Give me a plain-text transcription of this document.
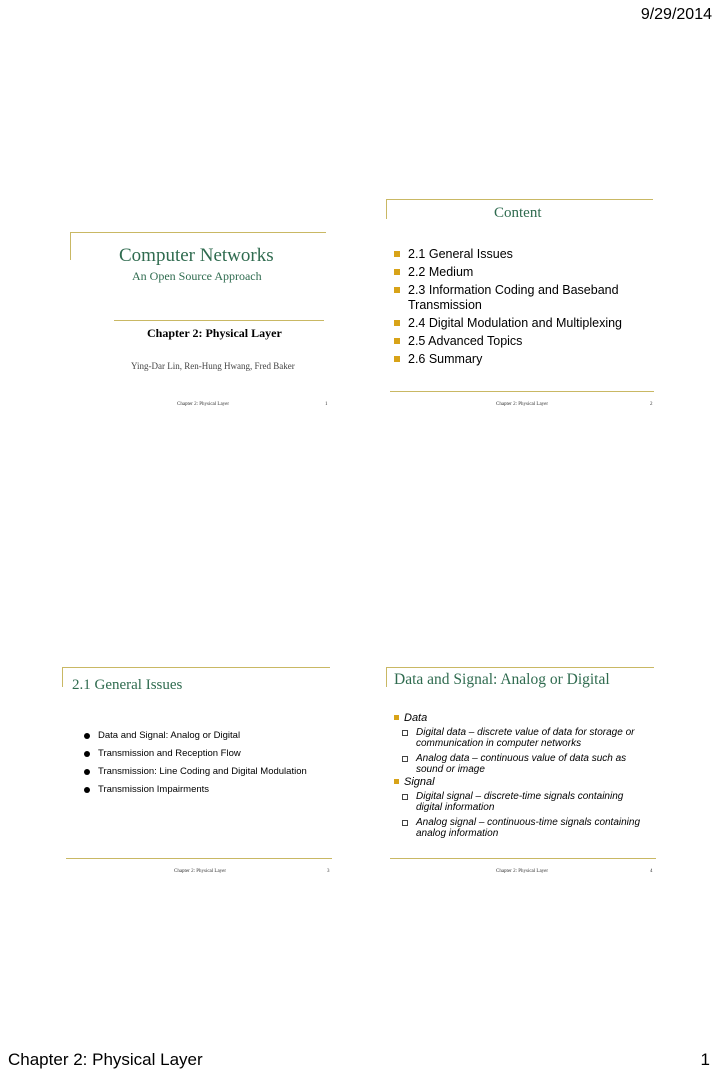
9/29/2014
Computer Networks
An Open Source Approach
Chapter 2: Physical Layer
Ying-Dar Lin, Ren-Hung Hwang, Fred Baker
Chapter 2: Physical Layer	1
Content
2.1 General Issues
2.2 Medium
2.3 Information Coding and Baseband Transmission
2.4 Digital Modulation and Multiplexing
2.5 Advanced Topics
2.6 Summary
Chapter 2: Physical Layer	2
2.1 General Issues
Data and Signal: Analog or Digital
Transmission and Reception Flow
Transmission: Line Coding and Digital Modulation
Transmission Impairments
Chapter 2: Physical Layer	3
Data and Signal: Analog or Digital
Data
Digital data – discrete value of data for storage or communication in computer networks
Analog data – continuous value of data such as sound or image
Signal
Digital signal – discrete-time signals containing digital information
Analog signal – continuous-time signals containing analog information
Chapter 2: Physical Layer	4
Chapter 2: Physical Layer	1
